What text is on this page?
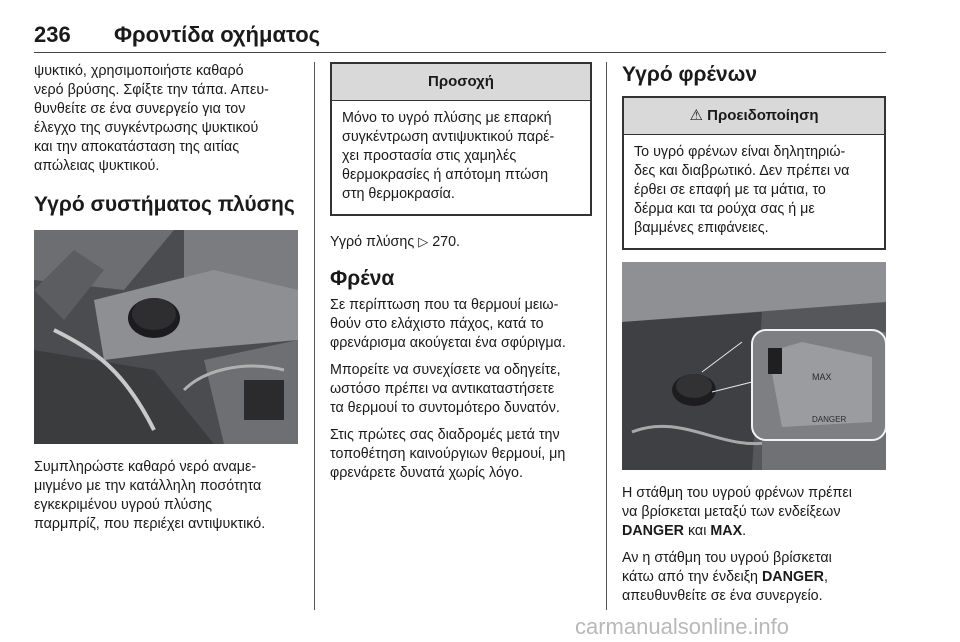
236 Φροντίδα οχήματος

ψυκτικό, χρησιμοποιήστε καθαρό

νερό βρύσης. Σφίξτε την τάπα. Απευ-

θυνθείτε σε ένα συνεργείο για τον

έλεγχο της συγκέντρωσης ψυκτικού

και την αποκατάσταση της αιτίας

απώλειας ψυκτικού.

Υγρό συστήματος πλύσης

Συμπληρώστε καθαρό νερό αναμε-

μιγμένο με την κατάλληλη ποσότητα

εγκεκριμένου υγρού πλύσης

παρμπρίζ, που περιέχει αντιψυκτικό.

Προσοχή

Μόνο το υγρό πλύσης με επαρκή

συγκέντρωση αντιψυκτικού παρέ-

χει προστασία στις χαμηλές

θερμοκρασίες ή απότομη πτώση

στη θερμοκρασία.

Υγρό πλύσης ▷ 270.

Φρένα

Σε περίπτωση που τα θερμουί μειω-

θούν στο ελάχιστο πάχος, κατά το

φρενάρισμα ακούγεται ένα σφύριγμα.

Μπορείτε να συνεχίσετε να οδηγείτε,

ωστόσο πρέπει να αντικαταστήσετε

τα θερμουί το συντομότερο δυνατόν.

Στις πρώτες σας διαδρομές μετά την

τοποθέτηση καινούργιων θερμουί, μη

φρενάρετε δυνατά χωρίς λόγο.

Υγρό φρένων
⚠ Προειδοποίηση

Το υγρό φρένων είναι δηλητηριώ-

δες και διαβρωτικό. Δεν πρέπει να

έρθει σε επαφή με τα μάτια, το

δέρμα και τα ρούχα σας ή με

βαμμένες επιφάνειες.

MAX
DANGER

Η στάθμη του υγρού φρένων πρέπει

να βρίσκεται μεταξύ των ενδείξεων

DANGER και MAX.

Αν η στάθμη του υγρού βρίσκεται

κάτω από την ένδειξη DANGER,

απευθυνθείτε σε ένα συνεργείο.

carmanualsonline.info
